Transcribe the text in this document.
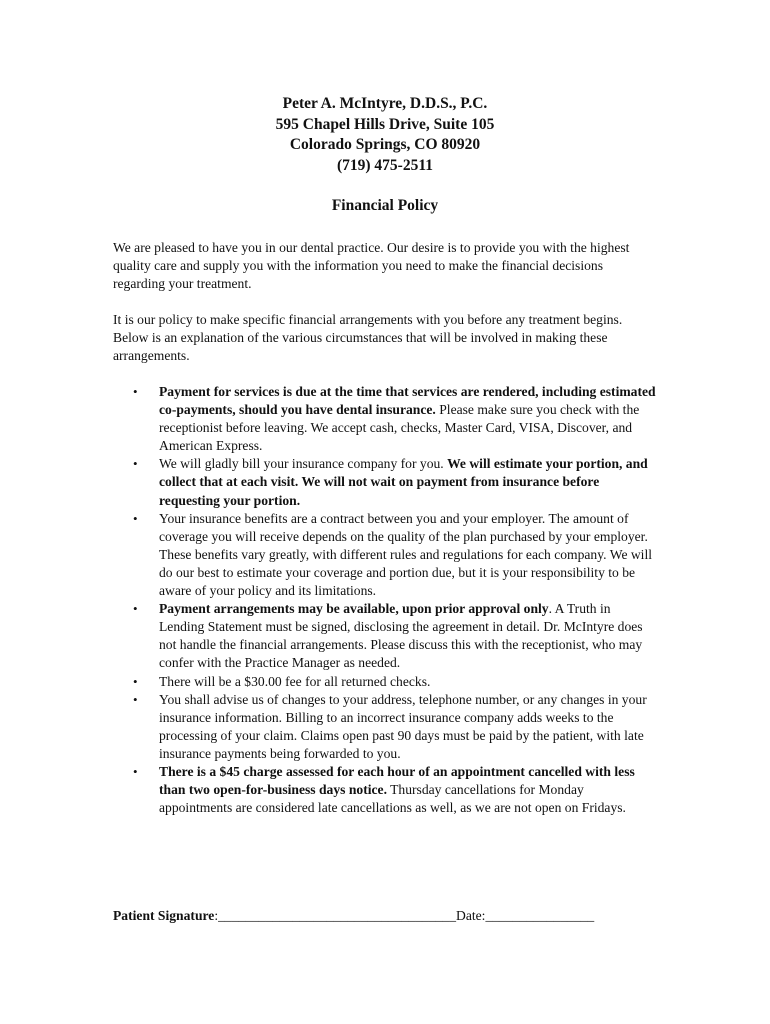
Peter A. McIntyre, D.D.S., P.C.
595 Chapel Hills Drive, Suite 105
Colorado Springs, CO 80920
(719) 475-2511
Financial Policy
We are pleased to have you in our dental practice. Our desire is to provide you with the highest quality care and supply you with the information you need to make the financial decisions regarding your treatment.
It is our policy to make specific financial arrangements with you before any treatment begins. Below is an explanation of the various circumstances that will be involved in making these arrangements.
• Payment for services is due at the time that services are rendered, including estimated co-payments, should you have dental insurance. Please make sure you check with the receptionist before leaving. We accept cash, checks, Master Card, VISA, Discover, and American Express.
• We will gladly bill your insurance company for you. We will estimate your portion, and collect that at each visit. We will not wait on payment from insurance before requesting your portion.
• Your insurance benefits are a contract between you and your employer. The amount of coverage you will receive depends on the quality of the plan purchased by your employer. These benefits vary greatly, with different rules and regulations for each company. We will do our best to estimate your coverage and portion due, but it is your responsibility to be aware of your policy and its limitations.
• Payment arrangements may be available, upon prior approval only. A Truth in Lending Statement must be signed, disclosing the agreement in detail. Dr. McIntyre does not handle the financial arrangements. Please discuss this with the receptionist, who may confer with the Practice Manager as needed.
• There will be a $30.00 fee for all returned checks.
• You shall advise us of changes to your address, telephone number, or any changes in your insurance information. Billing to an incorrect insurance company adds weeks to the processing of your claim. Claims open past 90 days must be paid by the patient, with late insurance payments being forwarded to you.
• There is a $45 charge assessed for each hour of an appointment cancelled with less than two open-for-business days notice. Thursday cancellations for Monday appointments are considered late cancellations as well, as we are not open on Fridays.
Patient Signature:___________________________________Date:________________
